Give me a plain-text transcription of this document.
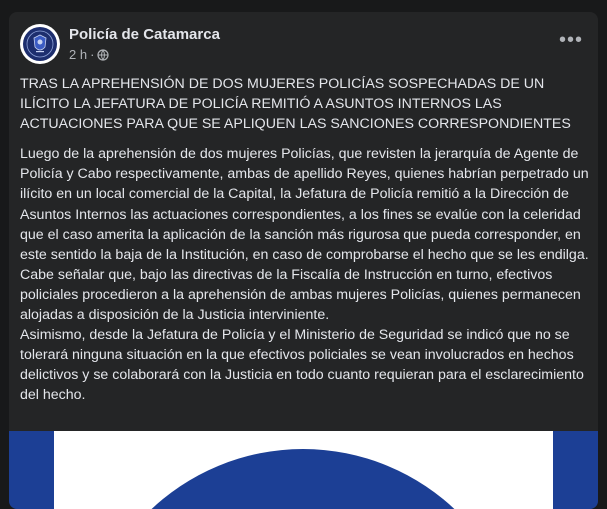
Policía de Catamarca
2 h ·
•••

TRAS LA APREHENSIÓN DE DOS MUJERES POLICÍAS SOSPECHADAS DE UN ILÍCITO LA JEFATURA DE POLICÍA REMITIÓ A ASUNTOS INTERNOS LAS ACTUACIONES PARA QUE SE APLIQUEN LAS SANCIONES CORRESPONDIENTES

Luego de la aprehensión de dos mujeres Policías, que revisten la jerarquía de Agente de Policía y Cabo respectivamente, ambas de apellido Reyes, quienes habrían perpetrado un ilícito en un local comercial de la Capital, la Jefatura de Policía remitió a la Dirección de Asuntos Internos las actuaciones correspondientes, a los fines se evalúe con la celeridad que el caso amerita la aplicación de la sanción más rigurosa que pueda corresponder, en este sentido la baja de la Institución, en caso de comprobarse el hecho que se les endilga.

Cabe señalar que, bajo las directivas de la Fiscalía de Instrucción en turno, efectivos policiales procedieron a la aprehensión de ambas mujeres Policías, quienes permanecen alojadas a disposición de la Justicia interviniente.

Asimismo, desde la Jefatura de Policía y el Ministerio de Seguridad se indicó que no se tolerará ninguna situación en la que efectivos policiales se vean involucrados en hechos delictivos y se colaborará con la Justicia en todo cuanto requieran para el esclarecimiento del hecho.
